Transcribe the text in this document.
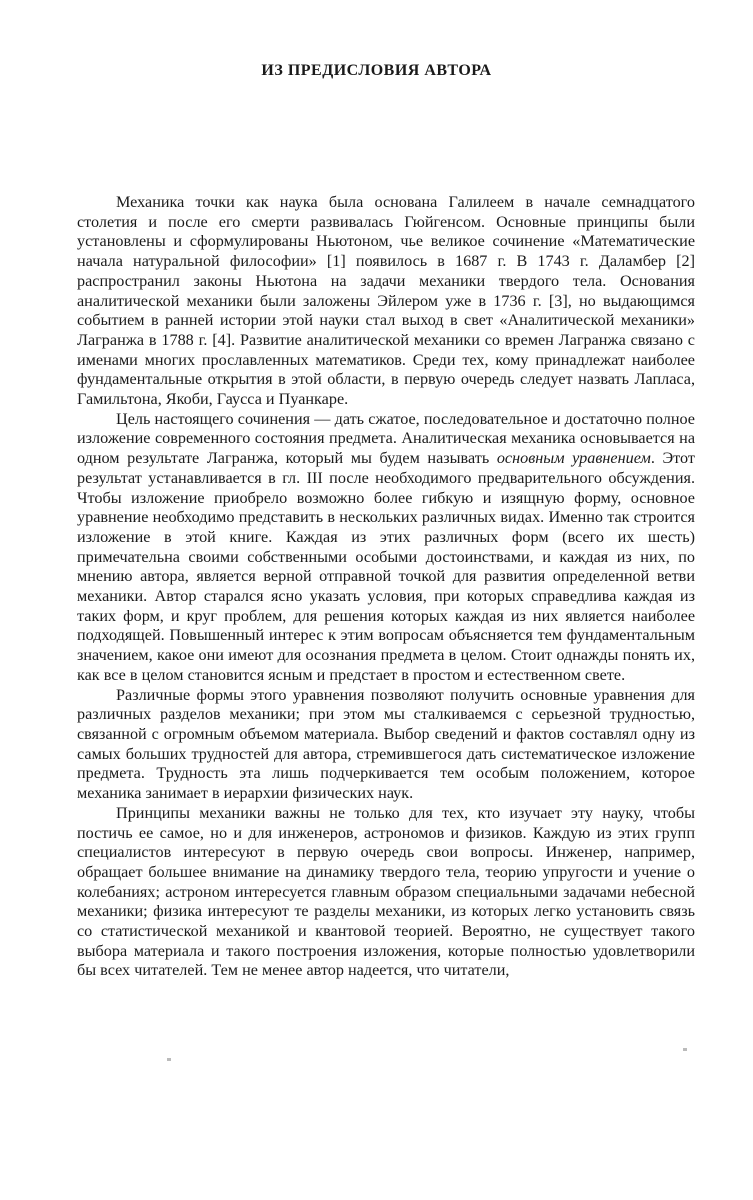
ИЗ ПРЕДИСЛОВИЯ АВТОРА

Механика точки как наука была основана Галилеем в начале семнадцатого столетия и после его смерти развивалась Гюйгенсом. Основные принципы были установлены и сформулированы Ньютоном, чье великое сочинение «Математические начала натуральной философии» [1] появилось в 1687 г. В 1743 г. Даламбер [2] распространил законы Ньютона на задачи механики твердого тела. Основания аналитической механики были заложены Эйлером уже в 1736 г. [3], но выдающимся событием в ранней истории этой науки стал выход в свет «Аналитической механики» Лагранжа в 1788 г. [4]. Развитие аналитической механики со времен Лагранжа связано с именами многих прославленных математиков. Среди тех, кому принадлежат наиболее фундаментальные открытия в этой области, в первую очередь следует назвать Лапласа, Гамильтона, Якоби, Гаусса и Пуанкаре.

Цель настоящего сочинения — дать сжатое, последовательное и достаточно полное изложение современного состояния предмета. Аналитическая механика основывается на одном результате Лагранжа, который мы будем называть основным уравнением. Этот результат устанавливается в гл. III после необходимого предварительного обсуждения. Чтобы изложение приобрело возможно более гибкую и изящную форму, основное уравнение необходимо представить в нескольких различных видах. Именно так строится изложение в этой книге. Каждая из этих различных форм (всего их шесть) примечательна своими собственными особыми достоинствами, и каждая из них, по мнению автора, является верной отправной точкой для развития определенной ветви механики. Автор старался ясно указать условия, при которых справедлива каждая из таких форм, и круг проблем, для решения которых каждая из них является наиболее подходящей. Повышенный интерес к этим вопросам объясняется тем фундаментальным значением, какое они имеют для осознания предмета в целом. Стоит однажды понять их, как все в целом становится ясным и предстает в простом и естественном свете.

Различные формы этого уравнения позволяют получить основные уравнения для различных разделов механики; при этом мы сталкиваемся с серьезной трудностью, связанной с огромным объемом материала. Выбор сведений и фактов составлял одну из самых больших трудностей для автора, стремившегося дать систематическое изложение предмета. Трудность эта лишь подчеркивается тем особым положением, которое механика занимает в иерархии физических наук.

Принципы механики важны не только для тех, кто изучает эту науку, чтобы постичь ее самое, но и для инженеров, астрономов и физиков. Каждую из этих групп специалистов интересуют в первую очередь свои вопросы. Инженер, например, обращает большее внимание на динамику твердого тела, теорию упругости и учение о колебаниях; астроном интересуется главным образом специальными задачами небесной механики; физика интересуют те разделы механики, из которых легко установить связь со статистической механикой и квантовой теорией. Вероятно, не существует такого выбора материала и такого построения изложения, которые полностью удовлетворили бы всех читателей. Тем не менее автор надеется, что читатели,
